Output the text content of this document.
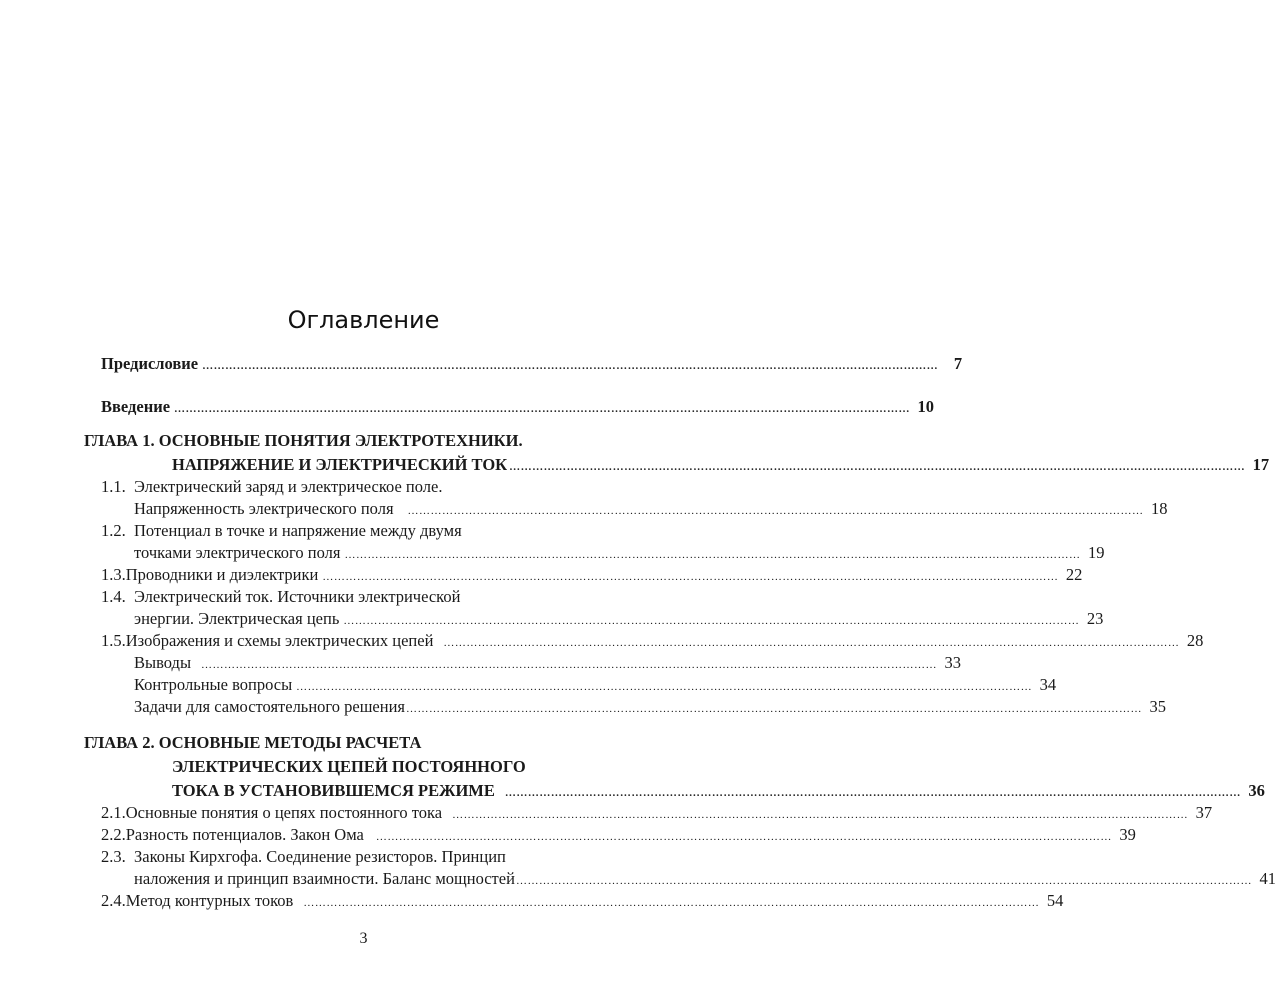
Оглавление
Предисловие …………………………………………………………………………………………………………………………………………………………………………	7
Введение …………………………………………………………………………………………………………………………………………………………………………	10
ГЛАВА 1.
ОСНОВНЫЕ ПОНЯТИЯ ЭЛЕКТРОТЕХНИКИ.
НАПРЯЖЕНИЕ И ЭЛЕКТРИЧЕСКИЙ ТОК …………………………………………………………………………………………………………………………………………………………………………	17
1.1. Электрический заряд и электрическое поле.
Напряженность электрического поля …………………………………………………………………………………………………………………………………………………………………………	18
1.2. Потенциал в точке и напряжение между двумя
точками электрического поля …………………………………………………………………………………………………………………………………………………………………………	19
1.3. Проводники и диэлектрики …………………………………………………………………………………………………………………………………………………………………………	22
1.4. Электрический ток. Источники электрической
энергии. Электрическая цепь …………………………………………………………………………………………………………………………………………………………………………	23
1.5. Изображения и схемы электрических цепей …………………………………………………………………………………………………………………………………………………………………………	28
Выводы …………………………………………………………………………………………………………………………………………………………………………	33
Контрольные вопросы …………………………………………………………………………………………………………………………………………………………………………	34
Задачи для самостоятельного решения …………………………………………………………………………………………………………………………………………………………………………	35
ГЛАВА 2.
ОСНОВНЫЕ МЕТОДЫ РАСЧЕТА
ЭЛЕКТРИЧЕСКИХ ЦЕПЕЙ ПОСТОЯННОГО
ТОКА В УСТАНОВИВШЕМСЯ РЕЖИМЕ …………………………………………………………………………………………………………………………………………………………………………	36
2.1. Основные понятия о цепях постоянного тока …………………………………………………………………………………………………………………………………………………………………………	37
2.2. Разность потенциалов. Закон Ома …………………………………………………………………………………………………………………………………………………………………………	39
2.3. Законы Кирхгофа. Соединение резисторов. Принцип
наложения и принцип взаимности. Баланс мощностей …………………………………………………………………………………………………………………………………………………………………………	41
2.4. Метод контурных токов …………………………………………………………………………………………………………………………………………………………………………	54
3
